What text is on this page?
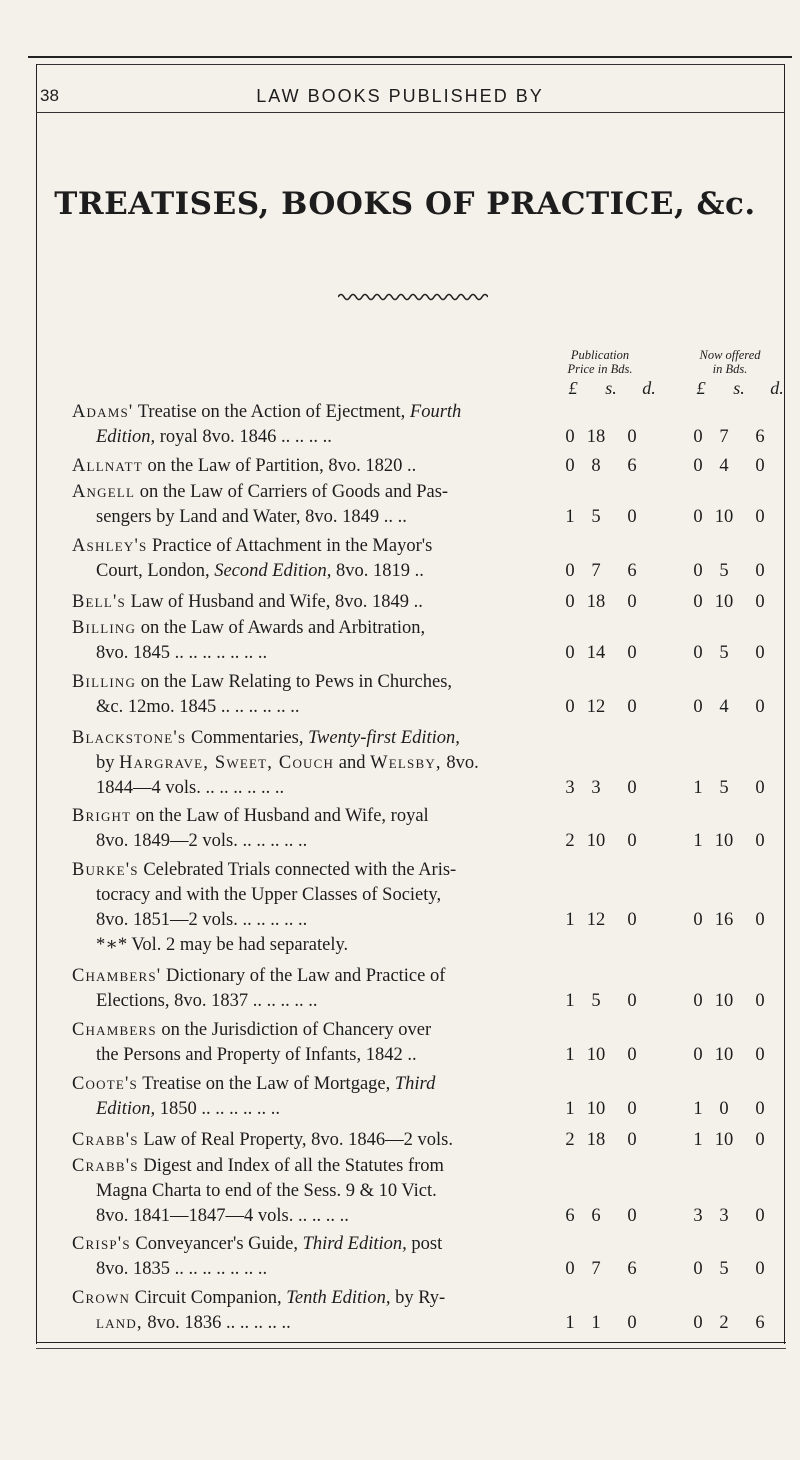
38	LAW BOOKS PUBLISHED BY
TREATISES, BOOKS OF PRACTICE, &c.
Publication
Price in Bds.
Now offered
in Bds.
£	s.	d.	£	s.	d.
Adams' Treatise on the Action of Ejectment, Fourth
Edition, royal 8vo. 1846 .. .. .. ..	0 18	0	0 7	6
Allnatt on the Law of Partition, 8vo. 1820 ..	0 8	6	0 4	0
Angell on the Law of Carriers of Goods and Pas-
sengers by Land and Water, 8vo. 1849 .. ..	1 5	0	0 10	0
Ashley's Practice of Attachment in the Mayor's
Court, London, Second Edition, 8vo. 1819 ..	0 7	6	0 5	0
Bell's Law of Husband and Wife, 8vo. 1849 ..	0 18	0	0 10	0
Billing on the Law of Awards and Arbitration,
8vo. 1845 .. .. .. .. .. .. ..	0 14	0	0 5	0
Billing on the Law Relating to Pews in Churches,
&c. 12mo. 1845 .. .. .. .. .. ..	0 12	0	0 4	0
Blackstone's Commentaries, Twenty-first Edition,
by Hargrave, Sweet, Couch and Welsby, 8vo.
1844—4 vols. .. .. .. .. .. ..	3 3	0	1 5	0
Bright on the Law of Husband and Wife, royal
8vo. 1849—2 vols. .. .. .. .. ..	2 10	0	1 10	0
Burke's Celebrated Trials connected with the Aris-
tocracy and with the Upper Classes of Society,
8vo. 1851—2 vols. .. .. .. .. ..	1 12	0	0 16	0
*∗* Vol. 2 may be had separately.
Chambers' Dictionary of the Law and Practice of
Elections, 8vo. 1837 .. .. .. .. ..	1 5	0	0 10	0
Chambers on the Jurisdiction of Chancery over
the Persons and Property of Infants, 1842 ..	1 10	0	0 10	0
Coote's Treatise on the Law of Mortgage, Third
Edition, 1850 .. .. .. .. .. ..	1 10	0	1 0	0
Crabb's Law of Real Property, 8vo. 1846—2 vols.	2 18	0	1 10	0
Crabb's Digest and Index of all the Statutes from
Magna Charta to end of the Sess. 9 & 10 Vict.
8vo. 1841—1847—4 vols. .. .. .. ..	6 6	0	3 3	0
Crisp's Conveyancer's Guide, Third Edition, post
8vo. 1835 .. .. .. .. .. .. ..	0 7	6	0 5	0
Crown Circuit Companion, Tenth Edition, by Ry-
land, 8vo. 1836 .. .. .. .. ..	1 1	0	0 2	6
